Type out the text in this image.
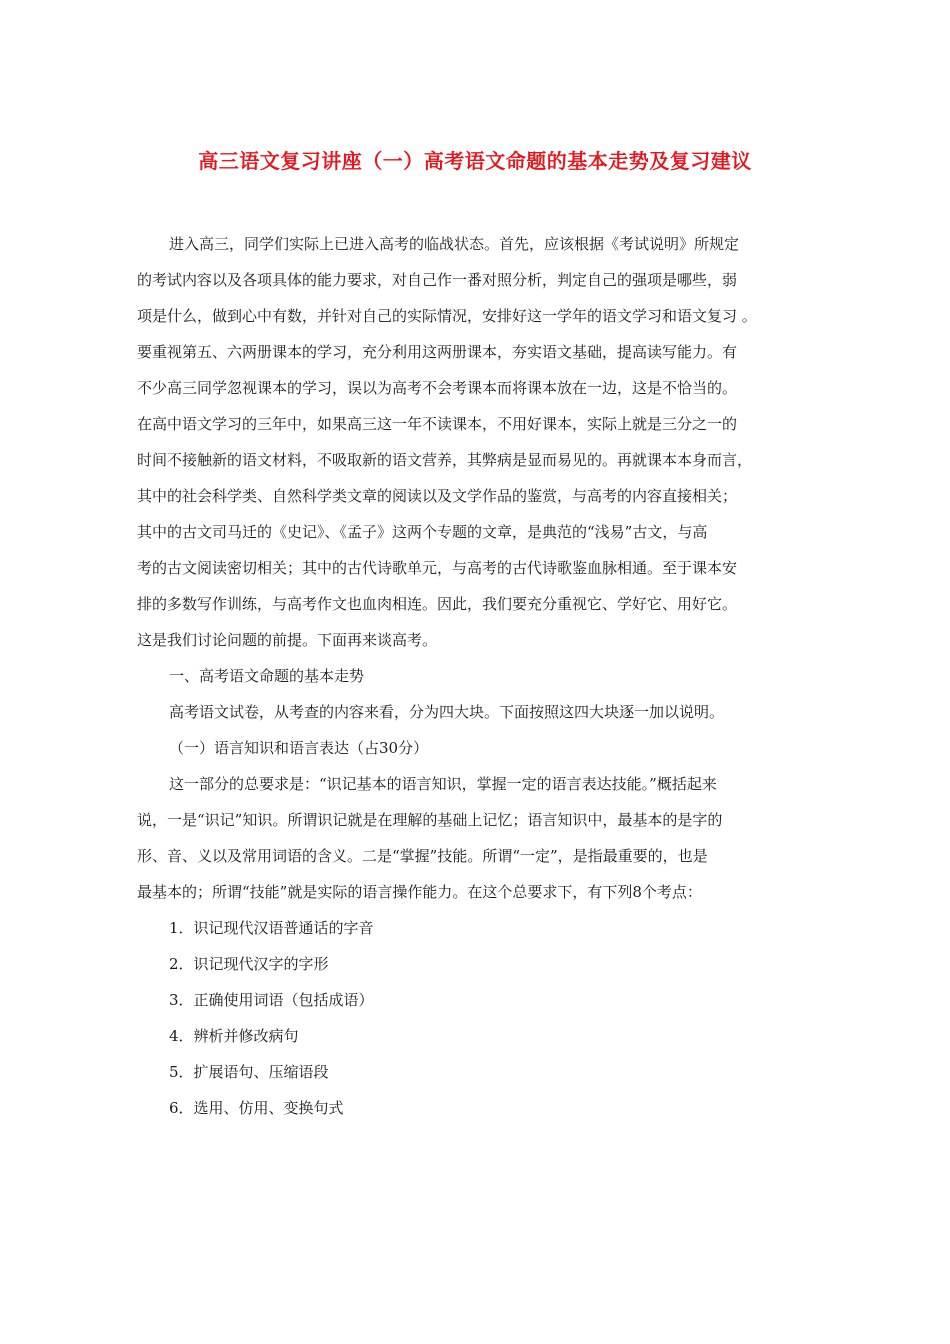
高三语文复习讲座（一）高考语文命题的基本走势及复习建议
进入高三，同学们实际上已进入高考的临战状态。首先，应该根据《考试说明》所规定
的考试内容以及各项具体的能力要求，对自己作一番对照分析，判定自己的强项是哪些，弱
项是什么，做到心中有数，并针对自己的实际情况，安排好这一学年的语文学习和语文复习 。
要重视第五、六两册课本的学习，充分利用这两册课本，夯实语文基础，提高读写能力。有
不少高三同学忽视课本的学习，误以为高考不会考课本而将课本放在一边，这是不恰当的。
在高中语文学习的三年中，如果高三这一年不读课本，不用好课本，实际上就是三分之一的
时间不接触新的语文材料，不吸取新的语文营养，其弊病是显而易见的。再就课本本身而言，
其中的社会科学类、自然科学类文章的阅读以及文学作品的鉴赏，与高考的内容直接相关；
其中的古文司马迁的《史记》、《孟子》这两个专题的文章，是典范的“浅易”古文，与高
考的古文阅读密切相关；其中的古代诗歌单元，与高考的古代诗歌鉴血脉相通。至于课本安
排的多数写作训练，与高考作文也血肉相连。因此，我们要充分重视它、学好它、用好它。
这是我们讨论问题的前提。下面再来谈高考。
一、高考语文命题的基本走势
高考语文试卷，从考查的内容来看，分为四大块。下面按照这四大块逐一加以说明。
（一）语言知识和语言表达（占30分）
这一部分的总要求是：“识记基本的语言知识，掌握一定的语言表达技能。”概括起来
说，一是“识记”知识。所谓识记就是在理解的基础上记忆；语言知识中，最基本的是字的
形、音、义以及常用词语的含义。二是“掌握”技能。所谓“一定”，是指最重要的，也是
最基本的；所谓“技能”就是实际的语言操作能力。在这个总要求下，有下列8个考点：
1．识记现代汉语普通话的字音
2．识记现代汉字的字形
3．正确使用词语（包括成语）
4．辨析并修改病句
5．扩展语句、压缩语段
6．选用、仿用、变换句式
